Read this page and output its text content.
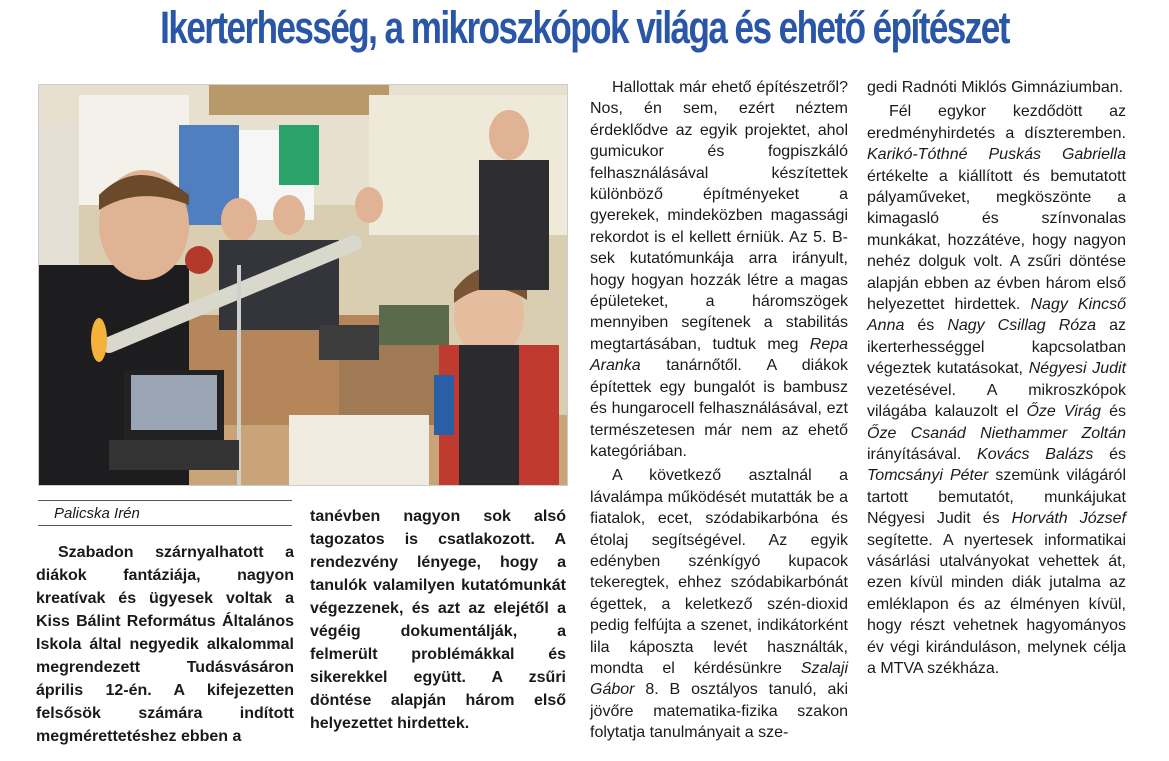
Ikerterhesség, a mikroszkópok világa és ehető építészet
Palicska Irén

Szabadon szárnyalhatott a diákok fantáziája, nagyon kreatívak és ügyesek voltak a Kiss Bálint Református Általános Iskola által negyedik alkalommal megrendezett Tudásvásáron április 12-én. A kifejezetten felsősök számára indított megmérettetéshez ebben a

tanévben nagyon sok alsó tagozatos is csatlakozott. A rendezvény lényege, hogy a tanulók valamilyen kutatómunkát végezzenek, és azt az elejétől a végéig dokumentálják, a felmerült problémákkal és sikerekkel együtt. A zsűri döntése alapján három első helyezettet hirdettek.

Hallottak már ehető építészetről? Nos, én sem, ezért néztem érdeklődve az egyik projektet, ahol gumicukor és fogpiszkáló felhasználásával készítettek különböző építményeket a gyerekek, mindeközben magassági rekordot is el kellett érniük. Az 5. B-sek kutatómunkája arra irányult, hogy hogyan hozzák létre a magas épületeket, a háromszögek mennyiben segítenek a stabilitás megtartásában, tudtuk meg Repa Aranka tanárnőtől. A diákok építettek egy bungalót is bambusz és hungarocell felhasználásával, ezt természetesen már nem az ehető kategóriában.

A következő asztalnál a lávalámpa működését mutatták be a fiatalok, ecet, szódabikarbóna és étolaj segítségével. Az egyik edényben szénkígyó kupacok tekeregtek, ehhez szódabikarbónát égettek, a keletkező szén-dioxid pedig felfújta a szenet, indikátorként lila káposzta levét használták, mondta el kérdésünkre Szalaji Gábor 8. B osztályos tanuló, aki jövőre matematika-fizika szakon folytatja tanulmányait a sze-

gedi Radnóti Miklós Gimnáziumban.

Fél egykor kezdődött az eredményhirdetés a díszteremben. Karikó-Tóthné Puskás Gabriella értékelte a kiállított és bemutatott pályaműveket, megköszönte a kimagasló és színvonalas munkákat, hozzátéve, hogy nagyon nehéz dolguk volt. A zsűri döntése alapján ebben az évben három első helyezettet hirdettek. Nagy Kincső Anna és Nagy Csillag Róza az ikerterhességgel kapcsolatban végeztek kutatásokat, Négyesi Judit vezetésével. A mikroszkópok világába kalauzolt el Őze Virág és Őze Csanád Niethammer Zoltán irányításával. Kovács Balázs és Tomcsányi Péter szemünk világáról tartott bemutatót, munkájukat Négyesi Judit és Horváth József segítette. A nyertesek informatikai vásárlási utalványokat vehettek át, ezen kívül minden diák jutalma az emléklapon és az élményen kívül, hogy részt vehetnek hagyományos év végi kiránduláson, melynek célja a MTVA székháza.
